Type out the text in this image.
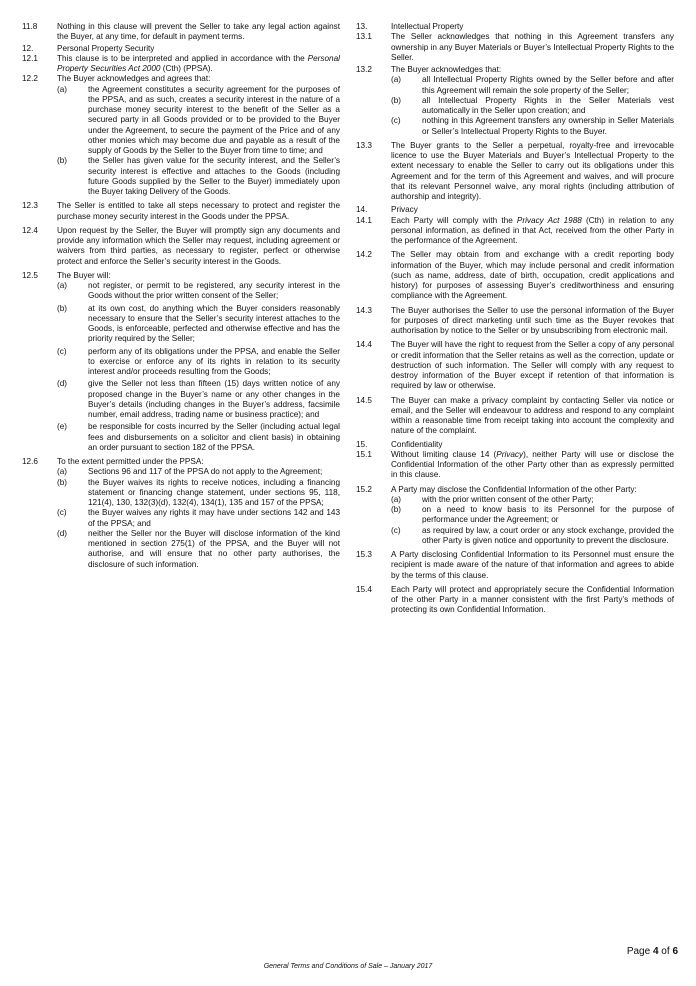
11.8 Nothing in this clause will prevent the Seller to take any legal action against the Buyer, at any time, for default in payment terms.
12.	Personal Property Security
12.1 This clause is to be interpreted and applied in accordance with the Personal Property Securities Act 2000 (Cth) (PPSA).
12.2 The Buyer acknowledges and agrees that:
(a)	the Agreement constitutes a security agreement for the purposes of the PPSA, and as such, creates a security interest in the nature of a purchase money security interest to the benefit of the Seller as a secured party in all Goods provided or to be provided to the Buyer under the Agreement, to secure the payment of the Price and of any other monies which may become due and payable as a result of the supply of Goods by the Seller to the Buyer from time to time; and
(b)	the Seller has given value for the security interest, and the Seller’s security interest is effective and attaches to the Goods (including future Goods supplied by the Seller to the Buyer) immediately upon the Buyer taking Delivery of the Goods.
12.3 The Seller is entitled to take all steps necessary to protect and register the purchase money security interest in the Goods under the PPSA.
12.4 Upon request by the Seller, the Buyer will promptly sign any documents and provide any information which the Seller may request, including agreement or waivers from third parties, as necessary to register, perfect or otherwise protect and enforce the Seller’s security interest in the Goods.
12.5 The Buyer will:
(a)	not register, or permit to be registered, any security interest in the Goods without the prior written consent of the Seller;
(b)	at its own cost, do anything which the Buyer considers reasonably necessary to ensure that the Seller’s security interest attaches to the Goods, is enforceable, perfected and otherwise effective and has the priority required by the Seller;
(c)	perform any of its obligations under the PPSA, and enable the Seller to exercise or enforce any of its rights in relation to its security interest and/or proceeds resulting from the Goods;
(d)	give the Seller not less than fifteen (15) days written notice of any proposed change in the Buyer’s name or any other changes in the Buyer’s details (including changes in the Buyer’s address, facsimile number, email address, trading name or business practice); and
(e)	be responsible for costs incurred by the Seller (including actual legal fees and disbursements on a solicitor and client basis) in obtaining an order pursuant to section 182 of the PPSA.
12.6 To the extent permitted under the PPSA:
(a)	Sections 96 and 117 of the PPSA do not apply to the Agreement;
(b)	the Buyer waives its rights to receive notices, including a financing statement or financing change statement, under sections 95, 118, 121(4), 130, 132(3)(d), 132(4), 134(1), 135 and 157 of the PPSA;
(c)	the Buyer waives any rights it may have under sections 142 and 143 of the PPSA; and
(d)	neither the Seller nor the Buyer will disclose information of the kind mentioned in section 275(1) of the PPSA, and the Buyer will not authorise, and will ensure that no other party authorises, the disclosure of such information.
13.	Intellectual Property
13.1 The Seller acknowledges that nothing in this Agreement transfers any ownership in any Buyer Materials or Buyer’s Intellectual Property Rights to the Seller.
13.2 The Buyer acknowledges that:
(a)	all Intellectual Property Rights owned by the Seller before and after this Agreement will remain the sole property of the Seller;
(b)	all Intellectual Property Rights in the Seller Materials vest automatically in the Seller upon creation; and
(c)	nothing in this Agreement transfers any ownership in Seller Materials or Seller’s Intellectual Property Rights to the Buyer.
13.3 The Buyer grants to the Seller a perpetual, royalty-free and irrevocable licence to use the Buyer Materials and Buyer’s Intellectual Property to the extent necessary to enable the Seller to carry out its obligations under this Agreement and for the term of this Agreement and waives, and will procure that its relevant Personnel waive, any moral rights (including attribution of authorship and integrity).
14.	Privacy
14.1 Each Party will comply with the Privacy Act 1988 (Cth) in relation to any personal information, as defined in that Act, received from the other Party in the performance of the Agreement.
14.2 The Seller may obtain from and exchange with a credit reporting body information of the Buyer, which may include personal and credit information (such as name, address, date of birth, occupation, credit applications and history) for purposes of assessing Buyer’s creditworthiness and ensuring compliance with the Agreement.
14.3 The Buyer authorises the Seller to use the personal information of the Buyer for purposes of direct marketing until such time as the Buyer revokes that authorisation by notice to the Seller or by unsubscribing from electronic mail.
14.4 The Buyer will have the right to request from the Seller a copy of any personal or credit information that the Seller retains as well as the correction, update or destruction of such information. The Seller will comply with any request to destroy information of the Buyer except if retention of that information is required by law or otherwise.
14.5 The Buyer can make a privacy complaint by contacting Seller via notice or email, and the Seller will endeavour to address and respond to any complaint within a reasonable time from receipt taking into account the complexity and nature of the complaint.
15.	Confidentiality
15.1 Without limiting clause 14 (Privacy), neither Party will use or disclose the Confidential Information of the other Party other than as expressly permitted in this clause.
15.2 A Party may disclose the Confidential Information of the other Party:
(a)	with the prior written consent of the other Party;
(b)	on a need to know basis to its Personnel for the purpose of performance under the Agreement; or
(c)	as required by law, a court order or any stock exchange, provided the other Party is given notice and opportunity to prevent the disclosure.
15.3 A Party disclosing Confidential Information to its Personnel must ensure the recipient is made aware of the nature of that information and agrees to abide by the terms of this clause.
15.4 Each Party will protect and appropriately secure the Confidential Information of the other Party in a manner consistent with the first Party’s methods of protecting its own Confidential Information.
Page 4 of 6
General Terms and Conditions of Sale – January 2017
